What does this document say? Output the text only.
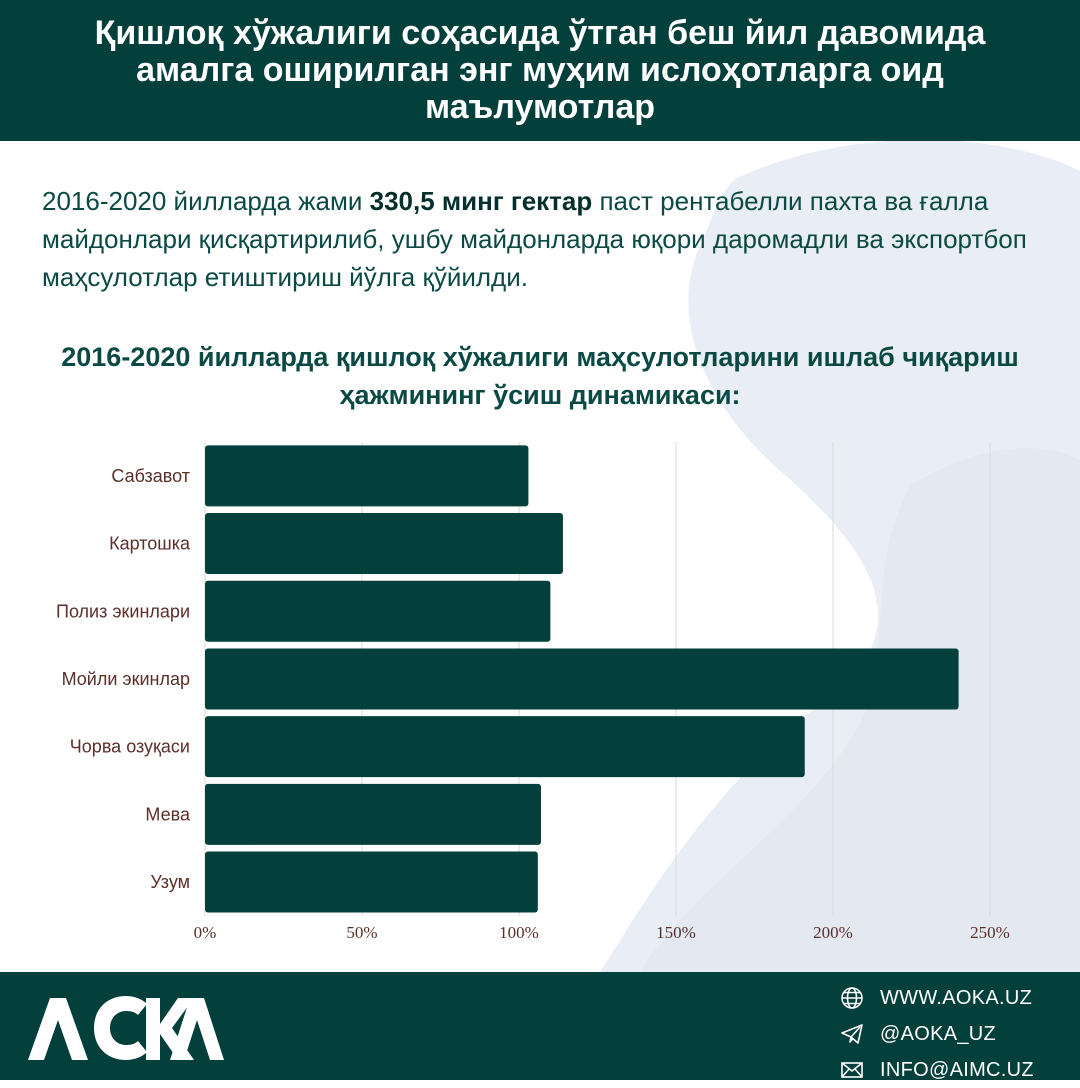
Қишлоқ хўжалиги соҳасида ўтган беш йил давомида амалга оширилган энг муҳим ислоҳотларга оид маълумотлар
2016-2020 йилларда жами 330,5 минг гектар паст рентабелли пахта ва ғалла майдонлари қисқартирилиб, ушбу майдонларда юқори даромадли ва экспортбоп маҳсулотлар етиштириш йўлга қўйилди.
2016-2020 йилларда қишлоқ хўжалиги маҳсулотларини ишлаб чиқариш ҳажмининг ўсиш динамикаси:
Сабзавот
Картошка
Полиз экинлари
Мойли экинлар
Чорва озуқаси
Мева
Узум
0%	50%	100%	150%	200%	250%
AOKA	WWW.AOKA.UZ
@AOKA_UZ
INFO@AIMC.UZ
